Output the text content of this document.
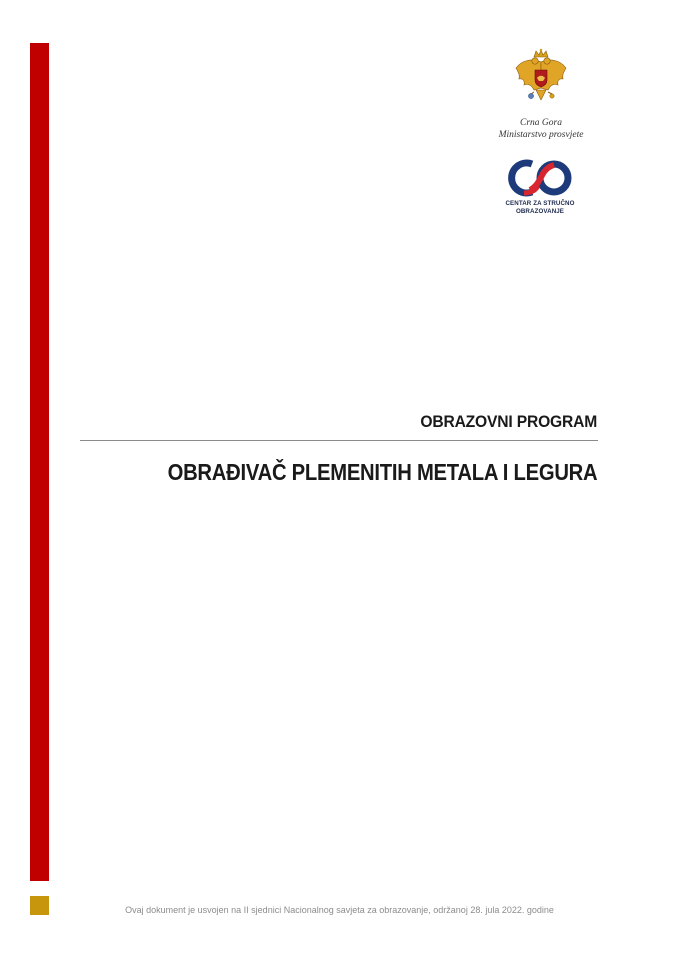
Crna Gora
Ministarstvo prosvjete
CENTAR ZA STRUČNO
OBRAZOVANJE
OBRAZOVNI PROGRAM
OBRAĐIVAČ PLEMENITIH METALA I LEGURA
Ovaj dokument je usvojen na II sjednici Nacionalnog savjeta za obrazovanje, održanoj 28. jula 2022. godine
